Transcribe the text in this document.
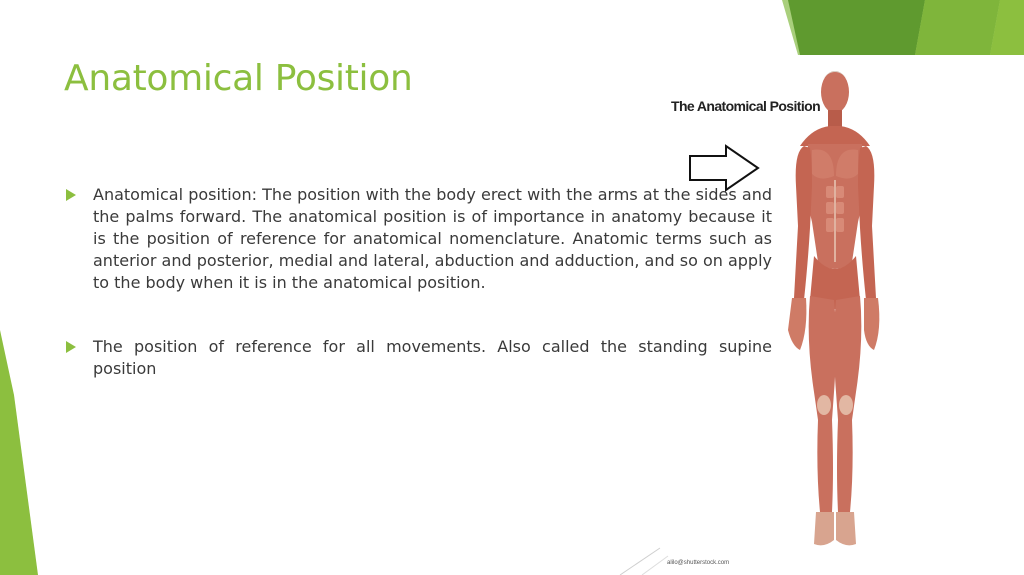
Anatomical Position
Anatomical position: The position with the body erect with the arms at the sides and the palms forward. The anatomical position is of importance in anatomy because it is the position of reference for anatomical nomenclature. Anatomic terms such as anterior and posterior, medial and lateral, abduction and adduction, and so on apply to the body when it is in the anatomical position.
The position of reference for all movements. Also called the standing supine position
The Anatomical Position
alilo@shutterstock.com
